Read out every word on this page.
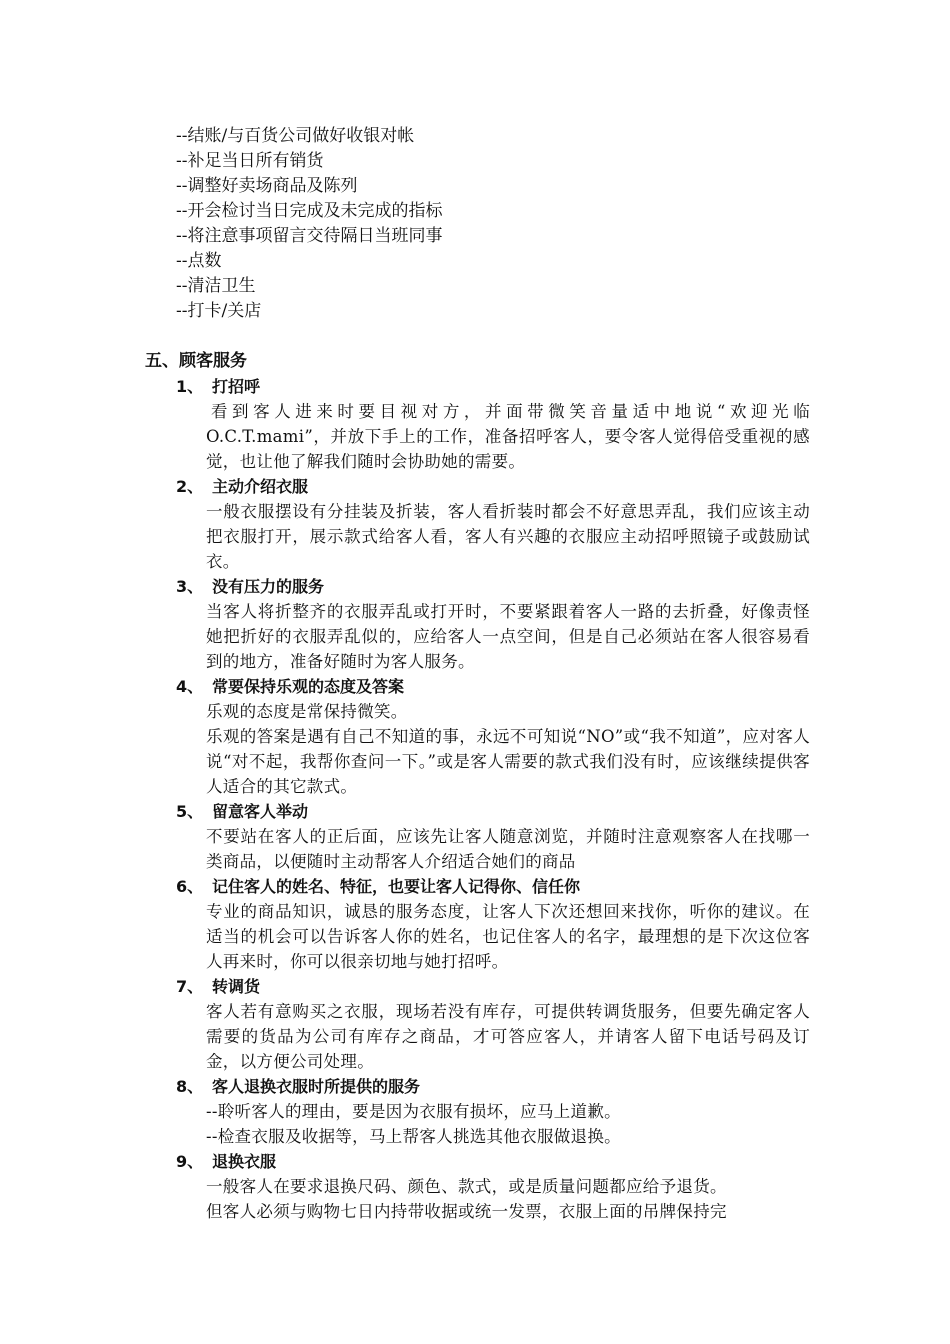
--结账/与百货公司做好收银对帐
--补足当日所有销货
--调整好卖场商品及陈列
--开会检讨当日完成及未完成的指标
--将注意事项留言交待隔日当班同事
--点数
--清洁卫生
--打卡/关店
五、顾客服务
1、 打招呼

看到客人进来时要目视对方，并面带微笑音量适中地说“欢迎光临O.C.T.mami”，并放下手上的工作，准备招呼客人，要令客人觉得倍受重视的感觉，也让他了解我们随时会协助她的需要。

2、 主动介绍衣服

一般衣服摆设有分挂装及折装，客人看折装时都会不好意思弄乱，我们应该主动把衣服打开，展示款式给客人看，客人有兴趣的衣服应主动招呼照镜子或鼓励试衣。

3、 没有压力的服务

当客人将折整齐的衣服弄乱或打开时，不要紧跟着客人一路的去折叠，好像责怪她把折好的衣服弄乱似的，应给客人一点空间，但是自己必须站在客人很容易看到的地方，准备好随时为客人服务。

4、 常要保持乐观的态度及答案

乐观的态度是常保持微笑。

乐观的答案是遇有自己不知道的事，永远不可知说“NO”或“我不知道”，应对客人说“对不起，我帮你查问一下。”或是客人需要的款式我们没有时，应该继续提供客人适合的其它款式。

5、 留意客人举动

不要站在客人的正后面，应该先让客人随意浏览，并随时注意观察客人在找哪一类商品，以便随时主动帮客人介绍适合她们的商品

6、 记住客人的姓名、特征，也要让客人记得你、信任你

专业的商品知识，诚恳的服务态度，让客人下次还想回来找你，听你的建议。在适当的机会可以告诉客人你的姓名，也记住客人的名字，最理想的是下次这位客人再来时，你可以很亲切地与她打招呼。

7、 转调货

客人若有意购买之衣服，现场若没有库存，可提供转调货服务，但要先确定客人需要的货品为公司有库存之商品，才可答应客人，并请客人留下电话号码及订金，以方便公司处理。

8、 客人退换衣服时所提供的服务

--聆听客人的理由，要是因为衣服有损坏，应马上道歉。

--检查衣服及收据等，马上帮客人挑选其他衣服做退换。

9、 退换衣服

一般客人在要求退换尺码、颜色、款式，或是质量问题都应给予退货。

但客人必须与购物七日内持带收据或统一发票，衣服上面的吊牌保持完
